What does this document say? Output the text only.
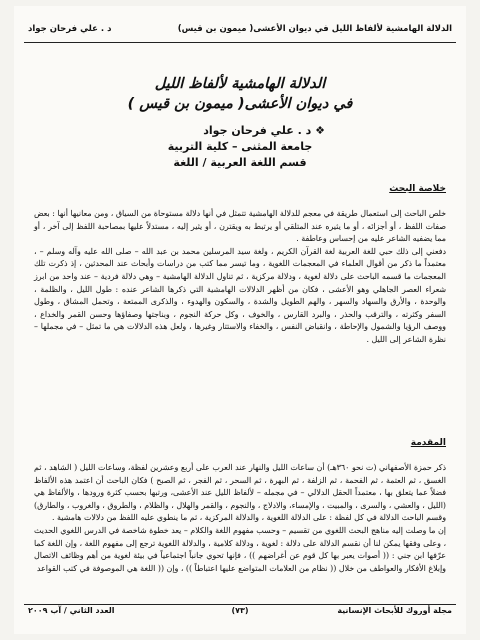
الدلالة الهامشية لألفاظ الليل في ديوان الأعشى( ميمون بن قيس)
د . علي فرحان جواد
الدلالة الهامشية لألفاظ الليل
في ديوان الأعشى( ميمون بن قيس )
❖ د . علي فرحان جواد
جامعة المثنى – كلية التربية
قسم اللغة العربية / اللغة
خلاصة البحث

خلص الباحث إلى استعمال طريقة في معجم للدلالة الهامشية تتمثل في أنها دلالة مستوحاة من السياق ، ومن معانيها أنها : بعض صفات اللفظ ، أو أجزائه ، أو ما يثيره عند المتلقي أو يرتبط به ويقترن ، أو يثير إليه ، مستدلاً عليها بمصاحبة اللفظ إلى آخر ، أو مما يضفيه الشاعر عليه من إحساس وعاطفة .

دفعني إلى ذلك حبي للغة العربية لغة القرآن الكريم ، ولغة سيد المرسلين محمد بن عبد الله – صلى الله عليه وآله وسلم – ، معتمداً ما ذكر من أقوال العلماء في المعجمات اللغوية ، وما تيسر مما كتب من دراسات وأبحاث عند المحدثين ، إذ ذكرت تلك المعجمات ما قسمه الباحث على دلالة لغوية ، ودلالة مركزية ، ثم تناول الدلالة الهامشية – وهي دلالة فردية – عند واحد من ابرز شعراء العصر الجاهلي وهو الأعشى ، فكان من أظهر الدلالات الهامشية التي ذكرها الشاعر عنده : طول الليل ، والظلمة ، والوحدة ، والأرق والسهاد والسهر ، والهم الطويل والشدة ، والسكون والهدوء ، والذكرى الممتعة ، وتحمل المشاق ، وطول السفر وكثرته ، والترقب والحذر ، والبرد القارس ، والخوف ، وكل حركة النجوم ، وبناجتها وصفاؤها وحسن القمر والخداع ، ووصف الرؤيا والشمول والإحاطة ، وانقباض النفس ، والخفاء والاستتار وغيرها ، ولعل هذه الدلالات هي ما تمثل – في مجملها – نظرة الشاعر إلى الليل .

المقدمة

ذكر حمزة الأصفهاني (ت نحو ٣٦٠هـ) أن ساعات الليل والنهار عند العرب على أربع وعشرين لفظة، وساعات الليل ( الشاهد ، ثم الغسق ، ثم العتمة ، ثم الفحمة ، ثم الزلفة ، ثم البهرة ، ثم السحر ، ثم الفجر ، ثم الصبح ) فكان الباحث أن اعتمد هذه الألفاظ فضلاً عما يتعلق بها ، معتمداً الحقل الدلالي – في مجمله – لألفاظ الليل عند الأعشى، ورتبها بحسب كثرة ورودها ، والألفاظ هي (الليل ، والعشي ، والسرى ، والمبيت ، والإمساء، والادلاج ، والنجوم ، والقمر والهلال ، والظلام ، والطروق ، والغروب ، والطارق) وقسم الباحث الدلالة في كل لفظة : على الدلالة اللغوية ، والدلالة المركزية ، ثم ما ينطوي عليه اللفظ من دلالات هامشية .

إن ما وصلت إليه مناهج البحث اللغوي من تقسيم – وحسب مفهوم اللغة والكلام – يعد خطوة شاخصة في الدرس اللغوي الحديث ، وعلى وفقها يمكن لنا أن نقسم الدلالة على دلالة : لغوية ، ودلالة كلامية ، والدلالة اللغوية ترجع إلى مفهوم اللغة ، وإن اللغة كما عرّفها ابن جني : (( أصوات يعبر بها كل قوم عن أغراضهم )) ، فإنها تحوي جانباً اجتماعياً في بيئة لغوية من أهم وظائف الاتصال وإبلاغ الأفكار والعواطف من خلال (( نظام من العلامات المتواضع عليها اعتباطاً )) ، وإن (( اللغة هي الموصوفة في كتب القواعد

مجلة أوروك للأبحاث الإنسانية
(٧٣)
العدد الثاني / آب ٢٠٠٩
